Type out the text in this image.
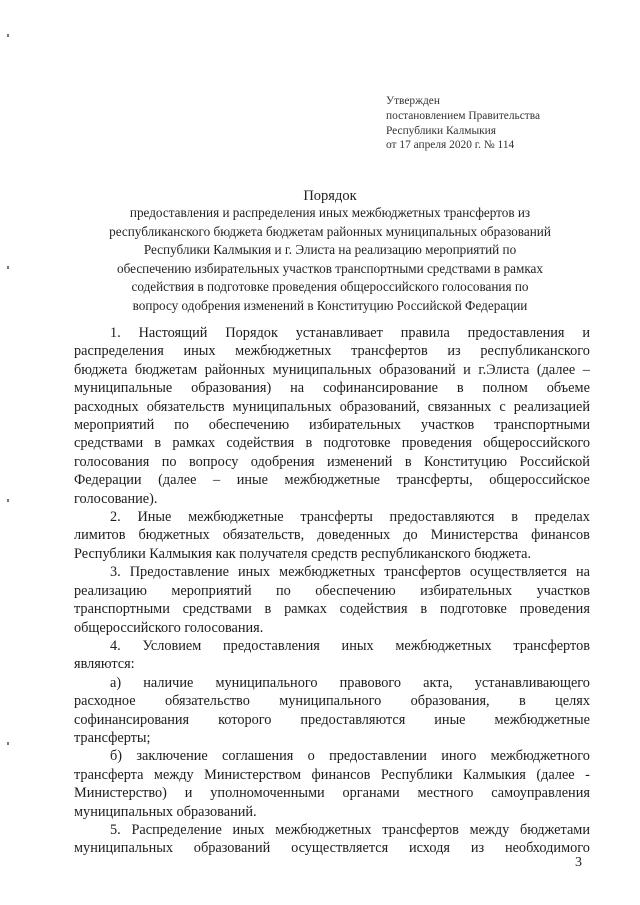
Утвержден
постановлением Правительства
Республики Калмыкия
от 17 апреля 2020 г. № 114
Порядок
предоставления и распределения иных межбюджетных трансфертов из
республиканского бюджета бюджетам районных муниципальных образований
Республики Калмыкия и г. Элиста на реализацию мероприятий по
обеспечению избирательных участков транспортными средствами в рамках
содействия в подготовке проведения общероссийского голосования по
вопросу одобрения изменений в Конституцию Российской Федерации
1. Настоящий Порядок устанавливает правила предоставления и
распределения иных межбюджетных трансфертов из республиканского
бюджета бюджетам районных муниципальных образований и г.Элиста (далее –
муниципальные образования) на софинансирование в полном объеме
расходных обязательств муниципальных образований, связанных с реализацией
мероприятий по обеспечению избирательных участков транспортными
средствами в рамках содействия в подготовке проведения общероссийского
голосования по вопросу одобрения изменений в Конституцию Российской
Федерации (далее – иные межбюджетные трансферты, общероссийское
голосование).
2. Иные межбюджетные трансферты предоставляются в пределах
лимитов бюджетных обязательств, доведенных до Министерства финансов
Республики Калмыкия как получателя средств республиканского бюджета.
3. Предоставление иных межбюджетных трансфертов осуществляется на
реализацию мероприятий по обеспечению избирательных участков
транспортными средствами в рамках содействия в подготовке проведения
общероссийского голосования.
4. Условием предоставления иных межбюджетных трансфертов
являются:
а) наличие муниципального правового акта, устанавливающего
расходное обязательство муниципального образования, в целях
софинансирования которого предоставляются иные межбюджетные
трансферты;
б) заключение соглашения о предоставлении иного межбюджетного
трансферта между Министерством финансов Республики Калмыкия (далее -
Министерство) и уполномоченными органами местного самоуправления
муниципальных образований.
5. Распределение иных межбюджетных трансфертов между бюджетами
муниципальных образований осуществляется исходя из необходимого
3
